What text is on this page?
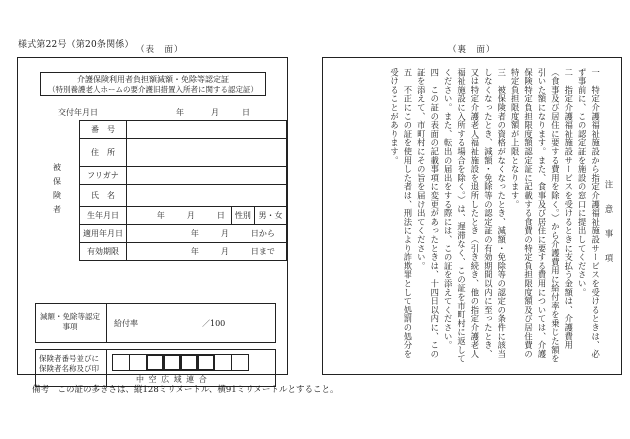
様式第22号（第20条関係） （表　面）	（裏　面）
介護保険利用者負担額減額・免除等認定証
（特別養護老人ホームの要介護旧措置入所者に関する認定証）
交付年月日	年	月	日
被保険者	番　号	
	住　所	
	フリガナ	
	氏　名	
	生年月日	年 月 日 性別 男・女

	適用年月日	年 月 日から

	有効期限	年 月 日まで
減額・免除等認定事項	給付率	／100
保険者番号並びに保険者名称及び印
中 空 広 域 連 合

注　意　事　項

一　特定介護福祉施設から指定介護福祉施設サービスを受けるときは、必ず事前に、この認定証を施設の窓口に提出してください。

二　指定介護福祉施設サービスを受けるときに支払う金額は、介護費用（食事及び居住に要する費用を除く。）から介護費用に給付率を乗じた額を引いた額になります。また、食事及び居住に要する費用については、介護保険特定負担限度額認定証に記載する食費の特定負担限度額及び居住費の特定負担限度額が上限となります。

三　被保険者の資格がなくなったとき、減額・免除等の認定の条件に該当しなくなったとき、減額・免除等の認定証の有効期間以内に至ったとき、又は特定介護老人福祉施設を退所したとき（引き続き、他の指定介護老人福祉施設に入所する場合を除く。）は、遅滞なく、この証を市町村に返してください。また、転出の届出をする際には、この証を添えてください。

四　この証の表面の記載事項に変更があったときは、十四日以内に、この証を添えて、市町村にその旨を届け出てください。

五　不正にこの証を使用した者は、刑法により詐欺罪として処罰の処分を受けることがあります。

備考　この証の多きさは、縦128ミリメートル、横91ミリメートルとすること。
